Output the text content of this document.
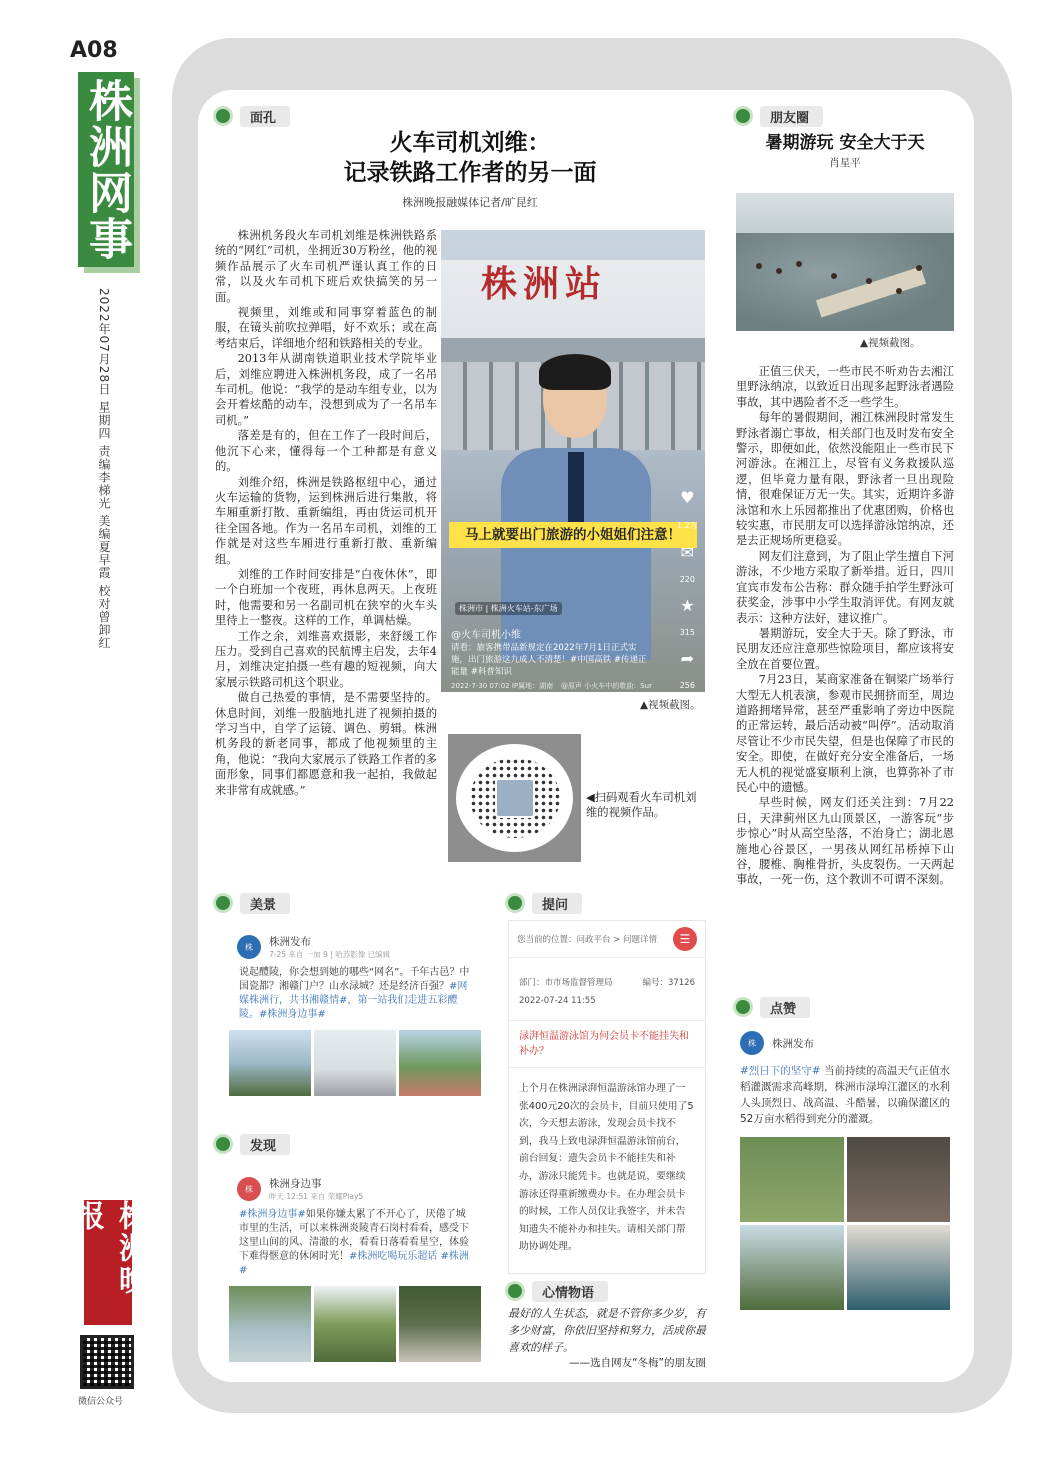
A08
株洲网事
2022年07月28日 星期四 责编李梯光 美编夏早霞 校对曾卸红
株洲晚报
微信公众号
面孔
火车司机刘维：
记录铁路工作者的另一面
株洲晚报融媒体记者/旷昆红

株洲机务段火车司机刘维是株洲铁路系统的“网红”司机，坐拥近30万粉丝，他的视频作品展示了火车司机严谨认真工作的日常，以及火车司机下班后欢快搞笑的另一面。

视频里，刘维或和同事穿着蓝色的制服，在镜头前吹拉弹唱，好不欢乐；或在高考结束后，详细地介绍和铁路相关的专业。

2013年从湖南铁道职业技术学院毕业后，刘维应聘进入株洲机务段，成了一名吊车司机。他说：“我学的是动车组专业，以为会开着炫酷的动车，没想到成为了一名吊车司机。”

落差是有的，但在工作了一段时间后，他沉下心来，懂得每一个工种都是有意义的。

刘维介绍，株洲是铁路枢纽中心，通过火车运输的货物，运到株洲后进行集散，将车厢重新打散、重新编组，再由货运司机开往全国各地。作为一名吊车司机，刘维的工作就是对这些车厢进行重新打散、重新编组。

刘维的工作时间安排是“白夜休休”，即一个白班加一个夜班，再休息两天。上夜班时，他需要和另一名副司机在狭窄的火车头里待上一整夜。这样的工作，单调枯燥。

工作之余，刘维喜欢摄影，来舒缓工作压力。受到自己喜欢的民航博主启发，去年4月，刘维决定拍摄一些有趣的短视频，向大家展示铁路司机这个职业。

做自己热爱的事情，是不需要坚持的。休息时间，刘维一股脑地扎进了视频拍摄的学习当中，自学了运镜、调色、剪辑。株洲机务段的新老同事，都成了他视频里的主角，他说：“我向大家展示了铁路工作者的多面形象，同事们都愿意和我一起拍，我做起来非常有成就感。”

株洲站
马上就要出门旅游的小姐姐们注意！
♥
1.2万
✉
220
★
315
➦
256
株洲市 | 株洲火车站-东广场
@火车司机小维
请看：旅客携带品新规定在2022年7月1日正式实施，出门旅游这九成人不清楚！#中国高铁 #传递正能量 #科普知识
2022-7-30 07:02 IP属地：湖南 @原声 小火车中的歌曲：Sur
▲视频截图。
◀扫码观看火车司机刘维的视频作品。
朋友圈
暑期游玩 安全大于天
肖星平
▲视频截图。

正值三伏天，一些市民不听劝告去湘江里野泳纳凉，以致近日出现多起野泳者遇险事故，其中遇险者不乏一些学生。

每年的暑假期间，湘江株洲段时常发生野泳者溺亡事故，相关部门也及时发布安全警示，即便如此，依然没能阻止一些市民下河游泳。在湘江上，尽管有义务救援队巡逻，但毕竟力量有限，野泳者一旦出现险情，很难保证万无一失。其实，近期许多游泳馆和水上乐园都推出了优惠团购，价格也较实惠，市民朋友可以选择游泳馆纳凉，还是去正规场所更稳妥。

网友们注意到，为了阻止学生擅自下河游泳，不少地方采取了新举措。近日，四川宜宾市发布公告称：群众随手拍学生野泳可获奖金，涉事中小学生取消评优。有网友就表示：这种方法好，建议推广。

暑期游玩，安全大于天。除了野泳，市民朋友还应注意那些惊险项目，都应该将安全放在首要位置。

7月23日，某商家准备在铜梁广场举行大型无人机表演，参观市民拥挤而至，周边道路拥堵异常，甚至严重影响了旁边中医院的正常运转，最后活动被“叫停”。活动取消尽管让不少市民失望，但是也保障了市民的安全。即使，在做好充分安全准备后，一场无人机的视觉盛宴顺利上演，也算弥补了市民心中的遗憾。

早些时候，网友们还关注到：7月22日，天津蓟州区九山顶景区，一游客玩“步步惊心”时从高空坠落，不治身亡；湖北恩施地心谷景区，一男孩从网红吊桥掉下山谷，腰椎、胸椎骨折，头皮裂伤。一天两起事故，一死一伤，这个教训不可谓不深刻。

美景
株	株洲发布
7-25 来自 一加 9 | 哈苏影像 已编辑
说起醴陵，你会想到她的哪些“网名”。千年古邑？中国瓷都？湘赣门户？山水渌城？还是经济百强？#网媒株洲行，共书湘赣情#，第一站我们走进五彩醴陵。#株洲身边事#
发现
株	株洲身边事
昨天 12:51 来自 荣耀Play5
#株洲身边事#如果你嫌太累了不开心了，厌倦了城市里的生活，可以来株洲炎陵青石岗村看看，感受下这里山间的风、清澈的水，看看日落看看星空，体验下难得惬意的休闲时光！#株洲吃喝玩乐超话 #株洲#
提问
您当前的位置：问政平台 > 问题详情	☰
部门：市市场监督管理局	编号：37126
2022-07-24 11:55
渌湃恒温游泳馆为何会员卡不能挂失和补办？
上个月在株洲渌湃恒温游泳馆办理了一张400元20次的会员卡，目前只使用了5次，今天想去游泳，发现会员卡找不到，我马上致电渌湃恒温游泳馆前台，前台回复：遗失会员卡不能挂失和补办，游泳只能凭卡。也就是说，要继续游泳还得重新缴费办卡。在办理会员卡的时候，工作人员仅让我签字，并未告知遗失不能补办和挂失。请相关部门帮助协调处理。
心情物语
最好的人生状态，就是不管你多少岁，有多少财富，你依旧坚持和努力，活成你最喜欢的样子。
——选自网友“冬梅”的朋友圈
点赞
株	株洲发布
#烈日下的坚守# 当前持续的高温天气正值水稻灌溉需求高峰期，株洲市渌埠江灌区的水利人头顶烈日、战高温、斗酷暑，以确保灌区的52万亩水稻得到充分的灌溉。
